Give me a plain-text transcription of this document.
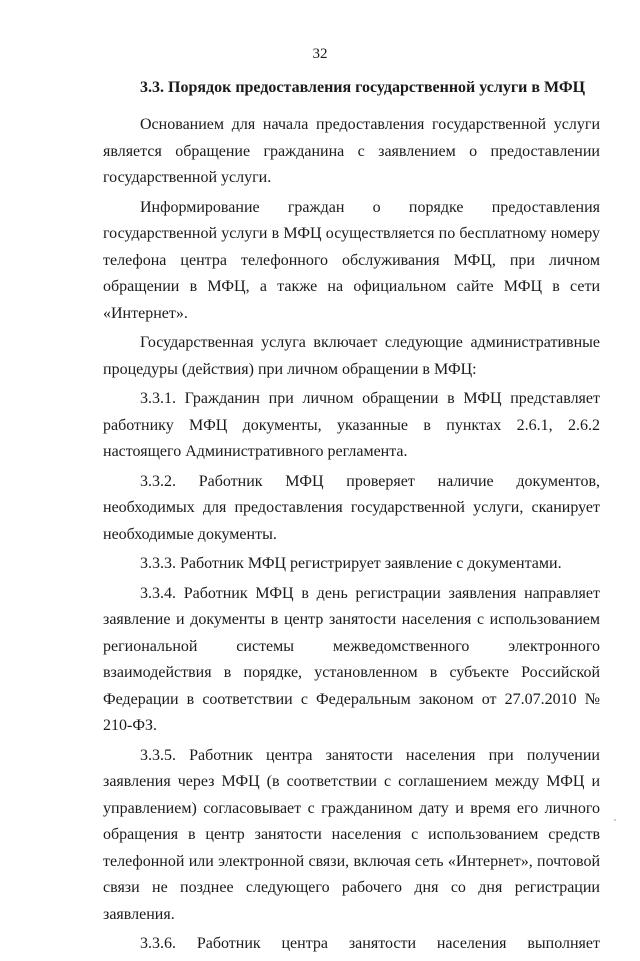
32
3.3. Порядок предоставления государственной услуги в МФЦ

Основанием для начала предоставления государственной услуги является обращение гражданина с заявлением о предоставлении государственной услуги.

Информирование граждан о порядке предоставления государственной услуги в МФЦ осуществляется по бесплатному номеру телефона центра телефонного обслуживания МФЦ, при личном обращении в МФЦ, а также на официальном сайте МФЦ в сети «Интернет».

Государственная услуга включает следующие административные процедуры (действия) при личном обращении в МФЦ:

3.3.1. Гражданин при личном обращении в МФЦ представляет работнику МФЦ документы, указанные в пунктах 2.6.1, 2.6.2 настоящего Административного регламента.

3.3.2. Работник МФЦ проверяет наличие документов, необходимых для предоставления государственной услуги, сканирует необходимые документы.

3.3.3. Работник МФЦ регистрирует заявление с документами.

3.3.4. Работник МФЦ в день регистрации заявления направляет заявление и документы в центр занятости населения с использованием региональной системы межведомственного электронного взаимодействия в порядке, установленном в субъекте Российской Федерации в соответствии с Федеральным законом от 27.07.2010 № 210-ФЗ.

3.3.5. Работник центра занятости населения при получении заявления через МФЦ (в соответствии с соглашением между МФЦ и управлением) согласовывает с гражданином дату и время его личного обращения в центр занятости населения с использованием средств телефонной или электронной связи, включая сеть «Интернет», почтовой связи не позднее следующего рабочего дня со дня регистрации заявления.

3.3.6. Работник центра занятости населения выполняет
